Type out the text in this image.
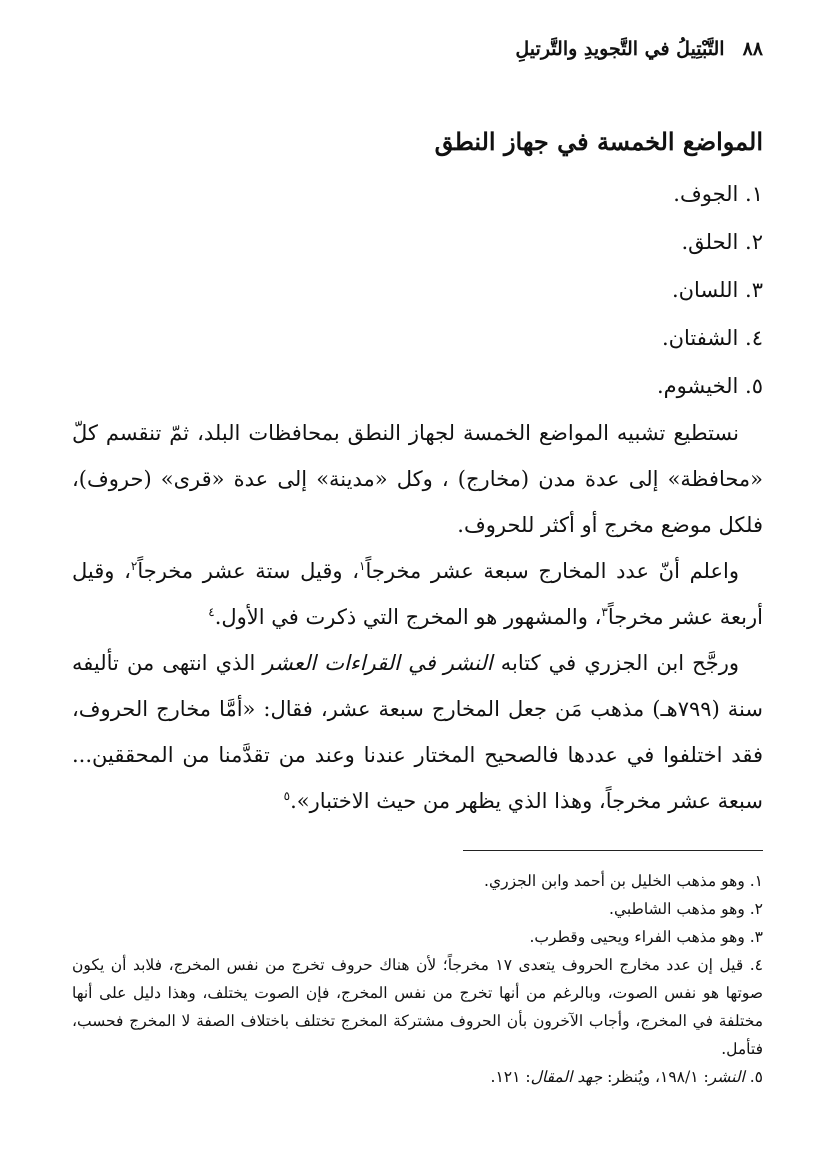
٨٨
التَّبْتِيلُ في التَّجويدِ والتَّرتيلِ
المواضع الخمسة في جهاز النطق
١. الجوف.
٢. الحلق.
٣. اللسان.
٤. الشفتان.
٥. الخيشوم.

نستطيع تشبيه المواضع الخمسة لجهاز النطق بمحافظات البلد، ثمّ تنقسم كلّ «محافظة» إلى عدة مدن (مخارج) ، وكل «مدينة» إلى عدة «قرى» (حروف)، فلكل موضع مخرج أو أكثر للحروف.

واعلم أنّ عدد المخارج سبعة عشر مخرجاً$^١$، وقيل ستة عشر مخرجاً$^٢$، وقيل أربعة عشر مخرجاً$^٣$، والمشهور هو المخرج التي ذكرت في الأول.$^٤$

ورجَّح ابن الجزري في كتابه النشر في القراءات العشر الذي انتهى من تأليفه سنة (٧٩٩هـ) مذهب مَن جعل المخارج سبعة عشر، فقال: «أمَّا مخارج الحروف، فقد اختلفوا في عددها فالصحيح المختار عندنا وعند من تقدَّمنا من المحققين... سبعة عشر مخرجاً، وهذا الذي يظهر من حيث الاختبار».$^٥$

١. وهو مذهب الخليل بن أحمد وابن الجزري.
٢. وهو مذهب الشاطبي.
٣. وهو مذهب الفراء ويحيى وقطرب.
٤. قيل إن عدد مخارج الحروف يتعدى ١٧ مخرجاً؛ لأن هناك حروف تخرج من نفس المخرج، فلابد أن يكون صوتها هو نفس الصوت، وبالرغم من أنها تخرج من نفس المخرج، فإن الصوت يختلف، وهذا دليل على أنها مختلفة في المخرج، وأجاب الآخرون بأن الحروف مشتركة المخرج تختلف باختلاف الصفة لا المخرج فحسب، فتأمل.
٥. النشر: ١٩٨/١، ويُنظر: جهد المقال: ١٢١.
